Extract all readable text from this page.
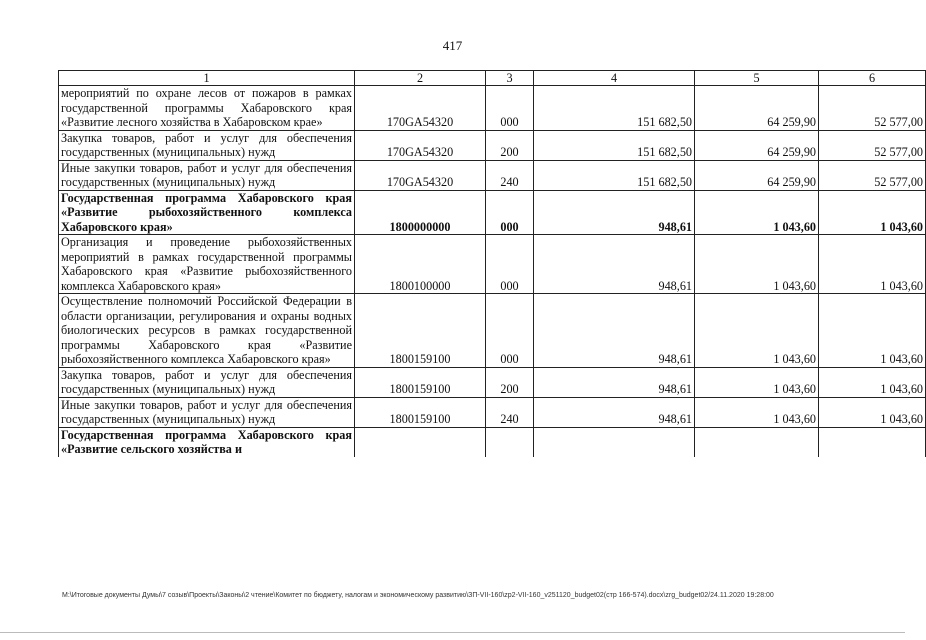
417
1	2	3	4	5	6
мероприятий по охране лесов от пожаров в рамках государственной программы Хабаровского края «Развитие лесного хозяйства в Хабаровском крае»	170GA54320	000	151 682,50	64 259,90	52 577,00
Закупка товаров, работ и услуг для обеспечения государственных (муниципальных) нужд	170GA54320	200	151 682,50	64 259,90	52 577,00
Иные закупки товаров, работ и услуг для обеспечения государственных (муниципальных) нужд	170GA54320	240	151 682,50	64 259,90	52 577,00
Государственная программа Хабаровского края «Развитие рыбохозяйственного комплекса Хабаровского края»	1800000000	000	948,61	1 043,60	1 043,60
Организация и проведение рыбохозяйственных мероприятий в рамках государственной программы Хабаровского края «Развитие рыбохозяйственного комплекса Хабаровского края»	1800100000	000	948,61	1 043,60	1 043,60
Осуществление полномочий Российской Федерации в области организации, регулирования и охраны водных биологических ресурсов в рамках государственной программы Хабаровского края «Развитие рыбохозяйственного комплекса Хабаровского края»	1800159100	000	948,61	1 043,60	1 043,60
Закупка товаров, работ и услуг для обеспечения государственных (муниципальных) нужд	1800159100	200	948,61	1 043,60	1 043,60
Иные закупки товаров, работ и услуг для обеспечения государственных (муниципальных) нужд	1800159100	240	948,61	1 043,60	1 043,60
Государственная программа Хабаровского края «Развитие сельского хозяйства и					
М:\Итоговые документы Думы\7 созыв\Проекты\Законы\2 чтение\Комитет по бюджету, налогам и экономическому развитию\ЗП-VII-160\zp2-VII-160_v251120_budget02(стр 166-574).docx\zrg_budget02/24.11.2020 19:28:00
